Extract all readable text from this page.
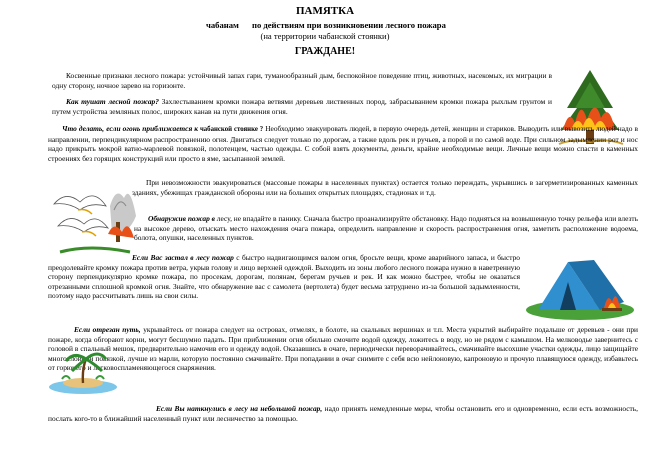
ПАМЯТКА
чабанам по действиям при возникновении лесного пожара
(на территории чабанской стоянки)
ГРАЖДАНЕ!

Косвенные признаки лесного пожара: устойчивый запах гари, туманообразный дым, беспокойное поведение птиц, животных, насекомых, их миграции в одну сторону, ночное зарево на горизонте.

Как тушат лесной пожар? Захлестыванием кромки пожара ветвями деревьев лиственных пород, забрасыванием кромки пожара рыхлым грунтом и путем устройства земляных полос, широких канав на пути движения огня.

Что делать, если огонь приближается к чабанской стоянке ? Необходимо эвакуировать людей, в первую очередь детей, женщин и стариков. Выводить или вывозить людей надо в направлении, перпендикулярном распространению огня. Двигаться следует только по дорогам, а также вдоль рек и ручьев, а порой и по самой воде. При сильном задымлении рот и нос надо прикрыть мокрой ватно-марлевой повязкой, полотенцем, частью одежды. С собой взять документы, деньги, крайне необходимые вещи. Личные вещи можно спасти в каменных строениях без горящих конструкций или просто в яме, засыпанной землей.

При невозможности эвакуироваться (массовые пожары в населенных пунктах) остается только переждать, укрывшись в загерметизированных каменных зданиях, убежищах гражданской обороны или на больших открытых площадях, стадионах и т.д.

Обнаружив пожар в лесу, не впадайте в панику. Сначала быстро проанализируйте обстановку. Надо подняться на возвышенную точку рельефа или влезть на высокое дерево, отыскать место нахождения очага пожара, определить направление и скорость распространения огня, заметить расположение водоема, болота, опушки, населенных пунктов.

Если Вас застал в лесу пожар с быстро надвигающимся валом огня, бросьте вещи, кроме аварийного запаса, и быстро преодолевайте кромку пожара против ветра, укрыв голову и лицо верхней одеждой. Выходить из зоны любого лесного пожара нужно в наветренную сторону перпендикулярно кромке пожара, по просекам, дорогам, полянам, берегам ручьев и рек. И как можно быстрее, чтобы не оказаться отрезанными сплошной кромкой огня. Знайте, что обнаружение вас с самолета (вертолета) будет весьма затруднено из-за большой задымленности, поэтому надо рассчитывать лишь на свои силы.

Если отрезан путь, укрывайтесь от пожара следует на островах, отмелях, в болоте, на скальных вершинах и т.п. Места укрытий выбирайте подальше от деревьев - они при пожаре, когда обгорают корни, могут бесшумно падать. При приближении огня обильно смочите водой одежду, ложитесь в воду, но не рядом с камышом. На мелководье завернитесь с головой в спальный мешок, предварительно намочив его и одежду водой. Оказавшись в очаге, периодически переворачивайтесь, смачивайте высохшие участки одежды, лицо защищайте многослойной повязкой, лучше из марли, которую постоянно смачивайте. При попадании в очаг снимите с себя всю нейлоновую, капроновую и прочую плавящуюся одежду, избавьтесь от горючего и легковоспламеняющегося снаряжения.

Если Вы наткнулись в лесу на небольшой пожар, надо принять немедленные меры, чтобы остановить его и одновременно, если есть возможность, послать кого-то в ближайший населенный пункт или лесничество за помощью.
